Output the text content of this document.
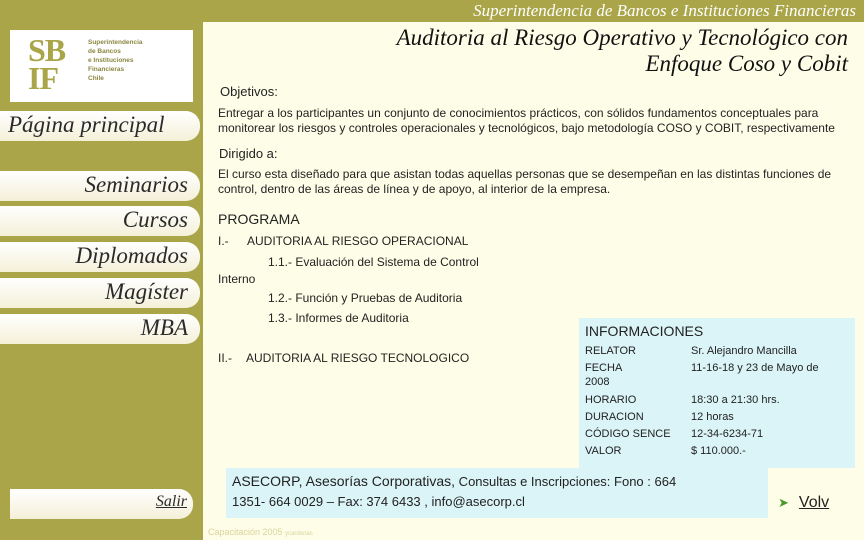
Superintendencia de Bancos e Instituciones Financieras
SB
IF
Superintendencia
de Bancos
e Instituciones
Financieras
Chile
Página principal
Seminarios
Cursos
Diplomados
Magíster
MBA
Salir
Capacitación 2005 ycardenas
Auditoria al Riesgo Operativo y Tecnológico con
Enfoque Coso y Cobit
Objetivos:
Entregar a los participantes un conjunto de conocimientos prácticos, con sólidos fundamentos conceptuales para monitorear los riesgos y controles operacionales y tecnológicos, bajo metodología COSO y COBIT, respectivamente
Dirigido a:
El curso esta diseñado para que asistan todas aquellas personas que se desempeñan en las distintas funciones de control, dentro de las áreas de línea y de apoyo, al interior de la empresa.
PROGRAMA
I.- AUDITORIA AL RIESGO OPERACIONAL
1.1.- Evaluación del Sistema de Control
Interno
1.2.- Función y Pruebas de Auditoria
1.3.- Informes de Auditoria
II.- AUDITORIA AL RIESGO TECNOLOGICO
INFORMACIONES
RELATOR	Sr. Alejandro Mancilla
FECHA	11-16-18 y 23 de Mayo de
2008
HORARIO	18:30 a 21:30 hrs.
DURACION	12 horas
CÓDIGO SENCE 12-34-6234-71
VALOR	$ 110.000.-
ASECORP, Asesorías Corporativas, Consultas e Inscripciones: Fono : 664
1351- 664 0029 – Fax: 374 6433 , info@asecorp.cl	➤ Volv
